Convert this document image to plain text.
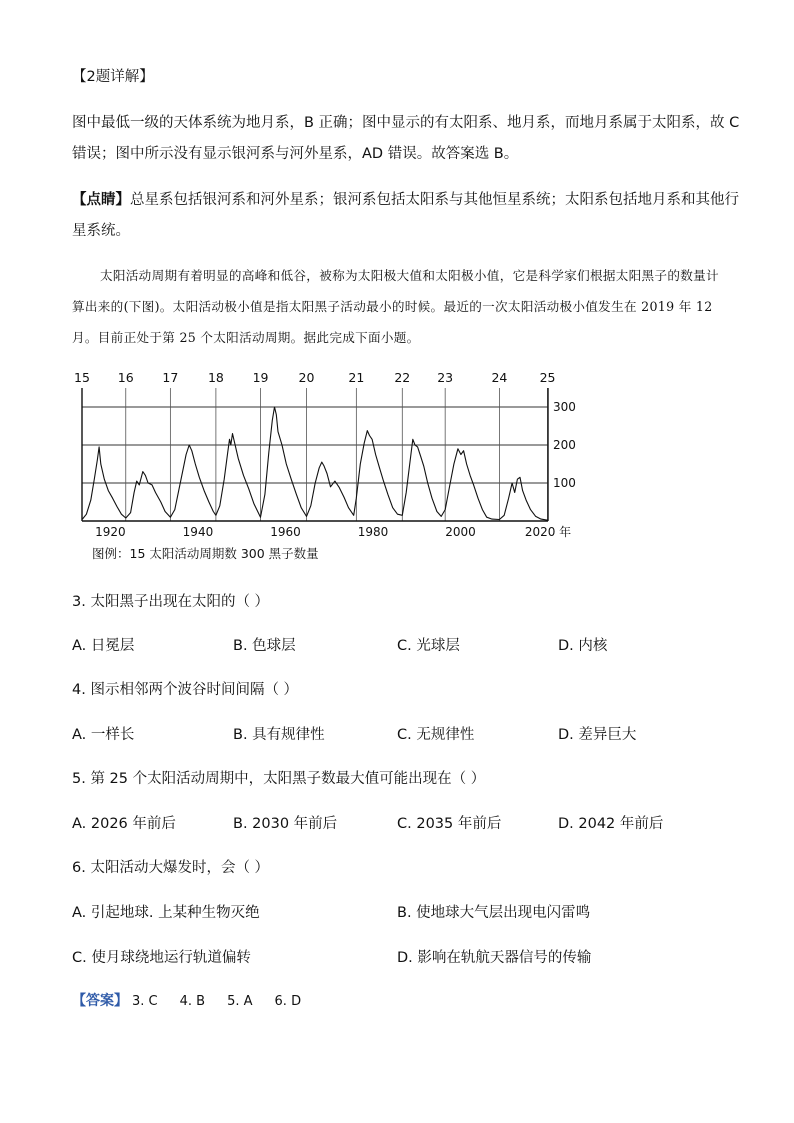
【2题详解】
图中最低一级的天体系统为地月系，B 正确；图中显示的有太阳系、地月系，而地月系属于太阳系，故 C
错误；图中所示没有显示银河系与河外星系，AD 错误。故答案选 B。
【点睛】总星系包括银河系和河外星系；银河系包括太阳系与其他恒星系统；太阳系包括地月系和其他行
星系统。
太阳活动周期有着明显的高峰和低谷，被称为太阳极大值和太阳极小值，它是科学家们根据太阳黑子的数量计算出来的(下图)。太阳活动极小值是指太阳黑子活动最小的时候。最近的一次太阳活动极小值发生在 2019 年 12 月。目前正处于第 25 个太阳活动周期。据此完成下面小题。
100
200
300
15 16 17 18 19 20	21 22 23	24	25
1920	1940	1960	1980	2000	2020 年
图例：15 太阳活动周期数 300 黑子数量
3. 太阳黑子出现在太阳的（ ）
A. 日冕层	B. 色球层	C. 光球层	D. 内核
4. 图示相邻两个波谷时间间隔（ ）
A. 一样长	B. 具有规律性	C. 无规律性	D. 差异巨大
5. 第 25 个太阳活动周期中，太阳黑子数最大值可能出现在（ ）
A. 2026 年前后	B. 2030 年前后	C. 2035 年前后	D. 2042 年前后
6. 太阳活动大爆发时，会（ ）
A. 引起地球. 上某种生物灭绝	B. 使地球大气层出现电闪雷鸣
C. 使月球绕地运行轨道偏转	D. 影响在轨航天器信号的传输
【答案】 3. C 4. B 5. A 6. D
